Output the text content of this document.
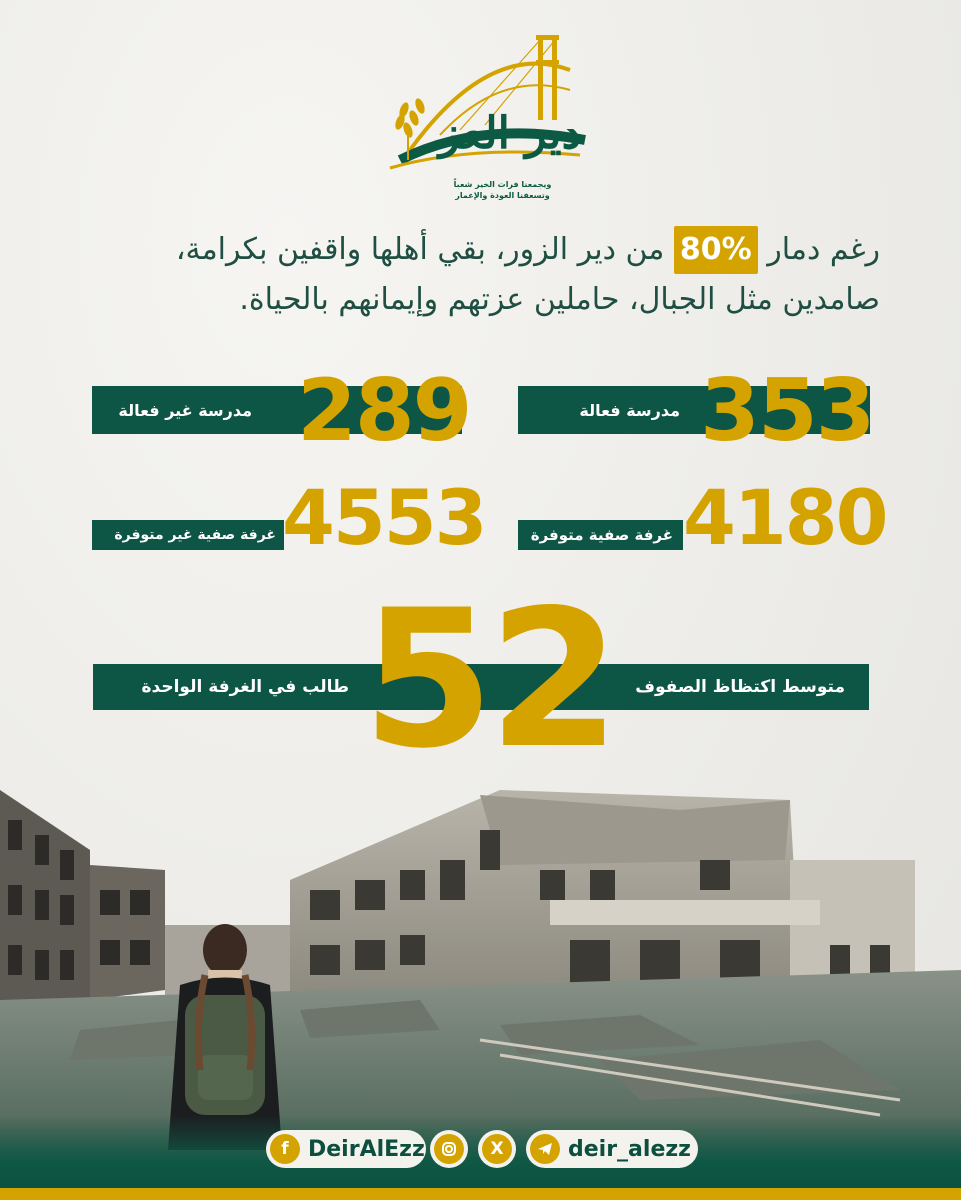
دير العز
ويجمعنا فرات الخير شعباً
وتسعفنا العودة والإعمار
رغم دمار 80% من دير الزور، بقي أهلها واقفين بكرامة، صامدين مثل الجبال، حاملين عزتهم وإيمانهم بالحياة.
مدرسة فعالة 353
مدرسة غير فعالة 289
غرفة صفية متوفرة 4180
غرفة صفية غير متوفرة 4553
متوسط اكتظاظ الصفوف
طالب في الغرفة الواحدة 52
f DeirAlEzz	X	deir_alezz
